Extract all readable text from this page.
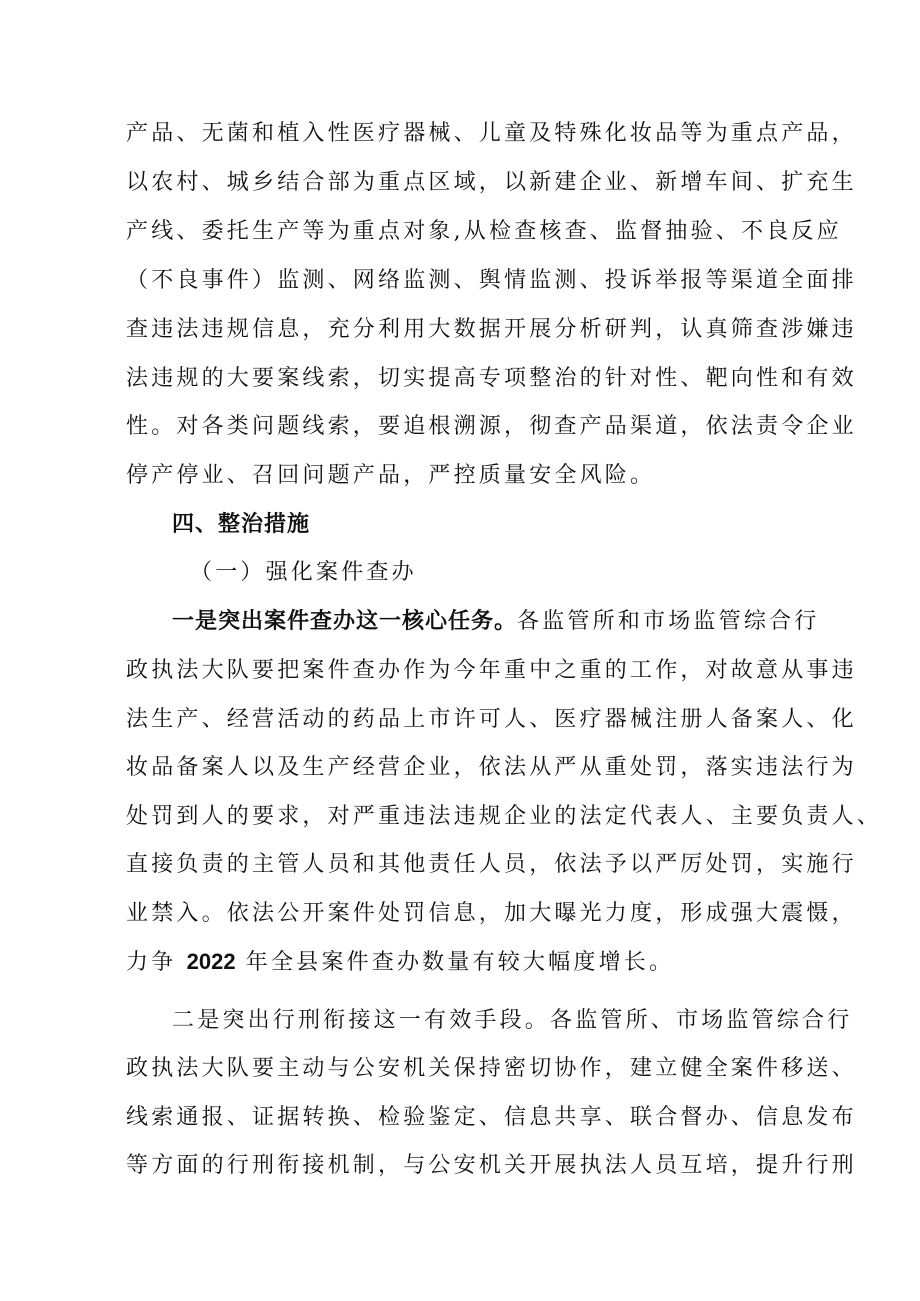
产品、无菌和植入性医疗器械、儿童及特殊化妆品等为重点产品，
以农村、城乡结合部为重点区域，以新建企业、新增车间、扩充生
产线、委托生产等为重点对象,从检查核查、监督抽验、不良反应
（不良事件）监测、网络监测、舆情监测、投诉举报等渠道全面排
查违法违规信息，充分利用大数据开展分析研判，认真筛查涉嫌违
法违规的大要案线索，切实提高专项整治的针对性、靶向性和有效
性。对各类问题线索，要追根溯源，彻查产品渠道，依法责令企业
停产停业、召回问题产品，严控质量安全风险。
四、整治措施
（一）强化案件查办
一是突出案件查办这一核心任务。各监管所和市场监管综合行
政执法大队要把案件查办作为今年重中之重的工作，对故意从事违
法生产、经营活动的药品上市许可人、医疗器械注册人备案人、化
妆品备案人以及生产经营企业，依法从严从重处罚，落实违法行为
处罚到人的要求，对严重违法违规企业的法定代表人、主要负责人、
直接负责的主管人员和其他责任人员，依法予以严厉处罚，实施行
业禁入。依法公开案件处罚信息，加大曝光力度，形成强大震慑，
力争 2022 年全县案件查办数量有较大幅度增长。
二是突出行刑衔接这一有效手段。各监管所、市场监管综合行
政执法大队要主动与公安机关保持密切协作，建立健全案件移送、
线索通报、证据转换、检验鉴定、信息共享、联合督办、信息发布
等方面的行刑衔接机制，与公安机关开展执法人员互培，提升行刑
